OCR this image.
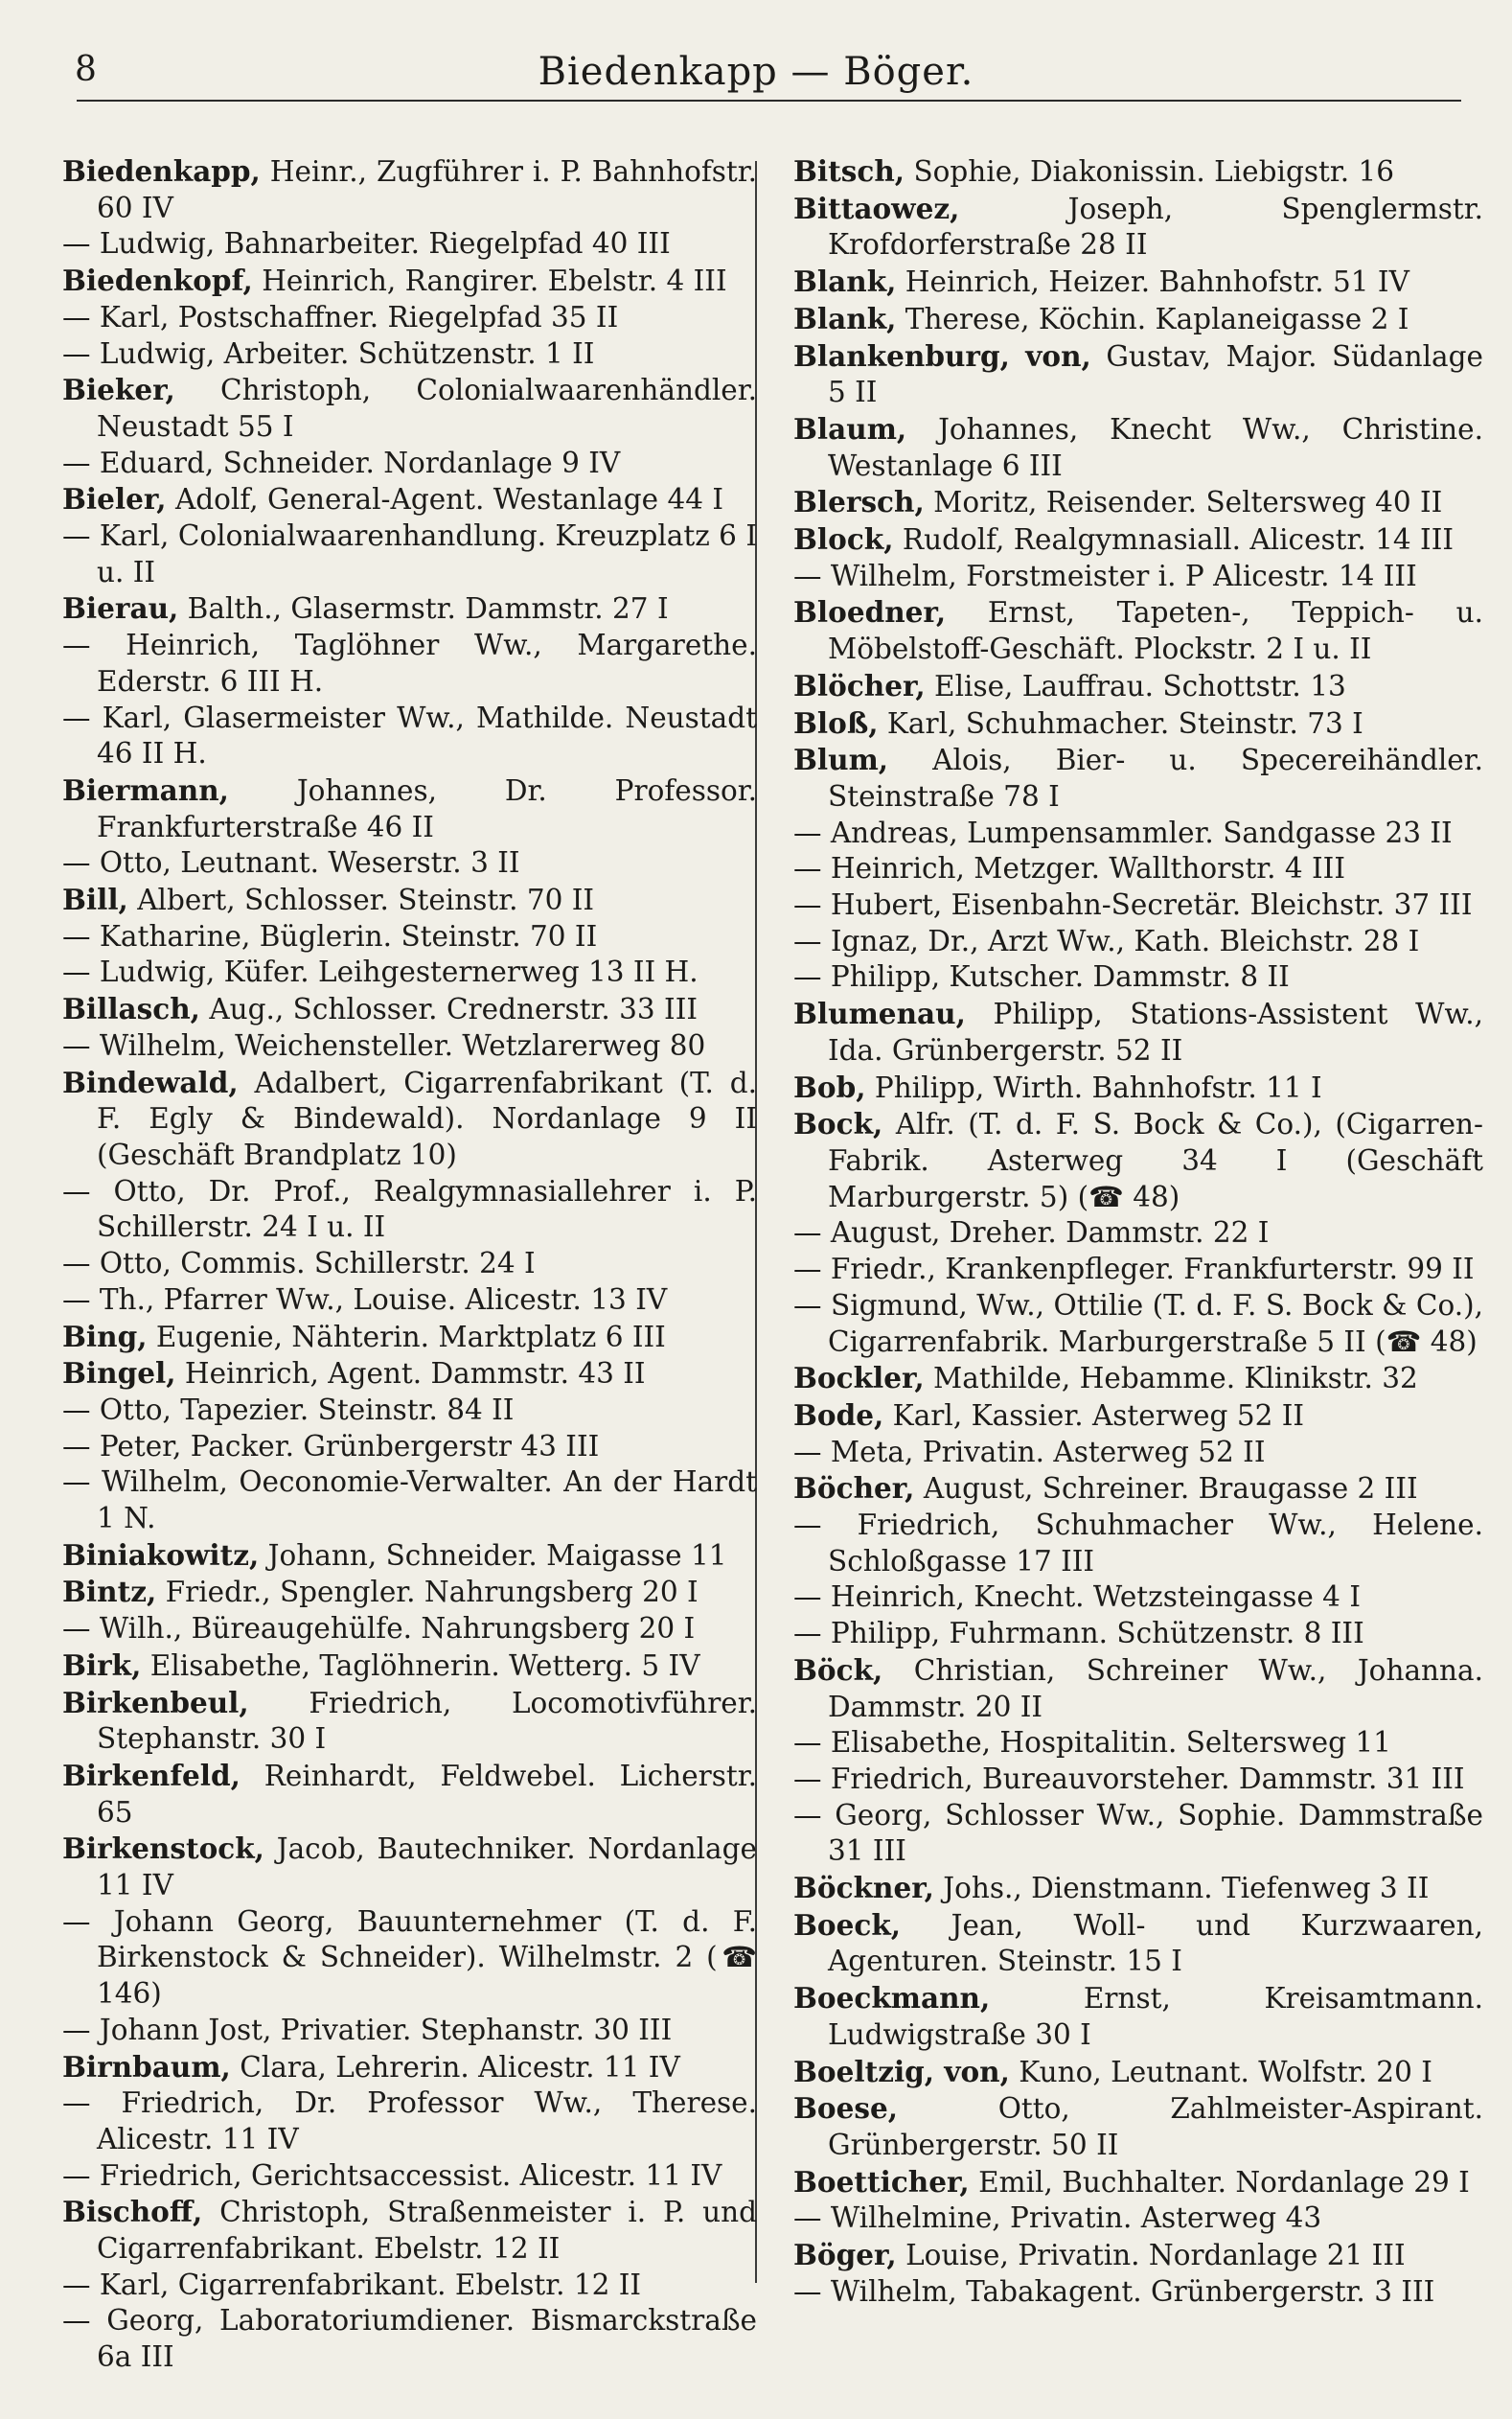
8	Biedenkapp — Böger.
Biedenkapp, Heinr., Zugführer i. P. Bahnhofstr. 60 IV
— Ludwig, Bahnarbeiter. Riegelpfad 40 III
Biedenkopf, Heinrich, Rangirer. Ebelstr. 4 III
— Karl, Postschaffner. Riegelpfad 35 II
— Ludwig, Arbeiter. Schützenstr. 1 II
Bieker, Christoph, Colonialwaarenhändler. Neustadt 55 I
— Eduard, Schneider. Nordanlage 9 IV
Bieler, Adolf, General-Agent. Westanlage 44 I
— Karl, Colonialwaarenhandlung. Kreuzplatz 6 I u. II
Bierau, Balth., Glasermstr. Dammstr. 27 I
— Heinrich, Taglöhner Ww., Margarethe. Ederstr. 6 III H.
— Karl, Glasermeister Ww., Mathilde. Neustadt 46 II H.
Biermann, Johannes, Dr. Professor. Frankfurterstraße 46 II
— Otto, Leutnant. Weserstr. 3 II
Bill, Albert, Schlosser. Steinstr. 70 II
— Katharine, Büglerin. Steinstr. 70 II
— Ludwig, Küfer. Leihgesternerweg 13 II H.
Billasch, Aug., Schlosser. Crednerstr. 33 III
— Wilhelm, Weichensteller. Wetzlarerweg 80
Bindewald, Adalbert, Cigarrenfabrikant (T. d. F. Egly & Bindewald). Nordanlage 9 II (Geschäft Brandplatz 10)
— Otto, Dr. Prof., Realgymnasiallehrer i. P. Schillerstr. 24 I u. II
— Otto, Commis. Schillerstr. 24 I
— Th., Pfarrer Ww., Louise. Alicestr. 13 IV
Bing, Eugenie, Nähterin. Marktplatz 6 III
Bingel, Heinrich, Agent. Dammstr. 43 II
— Otto, Tapezier. Steinstr. 84 II
— Peter, Packer. Grünbergerstr 43 III
— Wilhelm, Oeconomie-Verwalter. An der Hardt 1 N.
Biniakowitz, Johann, Schneider. Maigasse 11
Bintz, Friedr., Spengler. Nahrungsberg 20 I
— Wilh., Büreaugehülfe. Nahrungsberg 20 I
Birk, Elisabethe, Taglöhnerin. Wetterg. 5 IV
Birkenbeul, Friedrich, Locomotivführer. Stephanstr. 30 I
Birkenfeld, Reinhardt, Feldwebel. Licherstr. 65
Birkenstock, Jacob, Bautechniker. Nordanlage 11 IV
— Johann Georg, Bauunternehmer (T. d. F. Birkenstock & Schneider). Wilhelmstr. 2 (☎ 146)
— Johann Jost, Privatier. Stephanstr. 30 III
Birnbaum, Clara, Lehrerin. Alicestr. 11 IV
— Friedrich, Dr. Professor Ww., Therese. Alicestr. 11 IV
— Friedrich, Gerichtsaccessist. Alicestr. 11 IV
Bischoff, Christoph, Straßenmeister i. P. und Cigarrenfabrikant. Ebelstr. 12 II
— Karl, Cigarrenfabrikant. Ebelstr. 12 II
— Georg, Laboratoriumdiener. Bismarckstraße 6a III
Bitsch, Sophie, Diakonissin. Liebigstr. 16
Bittaowez, Joseph, Spenglermstr. Krofdorferstraße 28 II
Blank, Heinrich, Heizer. Bahnhofstr. 51 IV
Blank, Therese, Köchin. Kaplaneigasse 2 I
Blankenburg, von, Gustav, Major. Südanlage 5 II
Blaum, Johannes, Knecht Ww., Christine. Westanlage 6 III
Blersch, Moritz, Reisender. Seltersweg 40 II
Block, Rudolf, Realgymnasiall. Alicestr. 14 III
— Wilhelm, Forstmeister i. P Alicestr. 14 III
Bloedner, Ernst, Tapeten-, Teppich- u. Möbelstoff-Geschäft. Plockstr. 2 I u. II
Blöcher, Elise, Lauffrau. Schottstr. 13
Bloß, Karl, Schuhmacher. Steinstr. 73 I
Blum, Alois, Bier- u. Specereihändler. Steinstraße 78 I
— Andreas, Lumpensammler. Sandgasse 23 II
— Heinrich, Metzger. Wallthorstr. 4 III
— Hubert, Eisenbahn-Secretär. Bleichstr. 37 III
— Ignaz, Dr., Arzt Ww., Kath. Bleichstr. 28 I
— Philipp, Kutscher. Dammstr. 8 II
Blumenau, Philipp, Stations-Assistent Ww., Ida. Grünbergerstr. 52 II
Bob, Philipp, Wirth. Bahnhofstr. 11 I
Bock, Alfr. (T. d. F. S. Bock & Co.), (Cigarren-Fabrik. Asterweg 34 I (Geschäft Marburgerstr. 5) (☎ 48)
— August, Dreher. Dammstr. 22 I
— Friedr., Krankenpfleger. Frankfurterstr. 99 II
— Sigmund, Ww., Ottilie (T. d. F. S. Bock & Co.), Cigarrenfabrik. Marburgerstraße 5 II (☎ 48)
Bockler, Mathilde, Hebamme. Klinikstr. 32
Bode, Karl, Kassier. Asterweg 52 II
— Meta, Privatin. Asterweg 52 II
Böcher, August, Schreiner. Braugasse 2 III
— Friedrich, Schuhmacher Ww., Helene. Schloßgasse 17 III
— Heinrich, Knecht. Wetzsteingasse 4 I
— Philipp, Fuhrmann. Schützenstr. 8 III
Böck, Christian, Schreiner Ww., Johanna. Dammstr. 20 II
— Elisabethe, Hospitalitin. Seltersweg 11
— Friedrich, Bureauvorsteher. Dammstr. 31 III
— Georg, Schlosser Ww., Sophie. Dammstraße 31 III
Böckner, Johs., Dienstmann. Tiefenweg 3 II
Boeck, Jean, Woll- und Kurzwaaren, Agenturen. Steinstr. 15 I
Boeckmann, Ernst, Kreisamtmann. Ludwigstraße 30 I
Boeltzig, von, Kuno, Leutnant. Wolfstr. 20 I
Boese, Otto, Zahlmeister-Aspirant. Grünbergerstr. 50 II
Boetticher, Emil, Buchhalter. Nordanlage 29 I
— Wilhelmine, Privatin. Asterweg 43
Böger, Louise, Privatin. Nordanlage 21 III
— Wilhelm, Tabakagent. Grünbergerstr. 3 III
